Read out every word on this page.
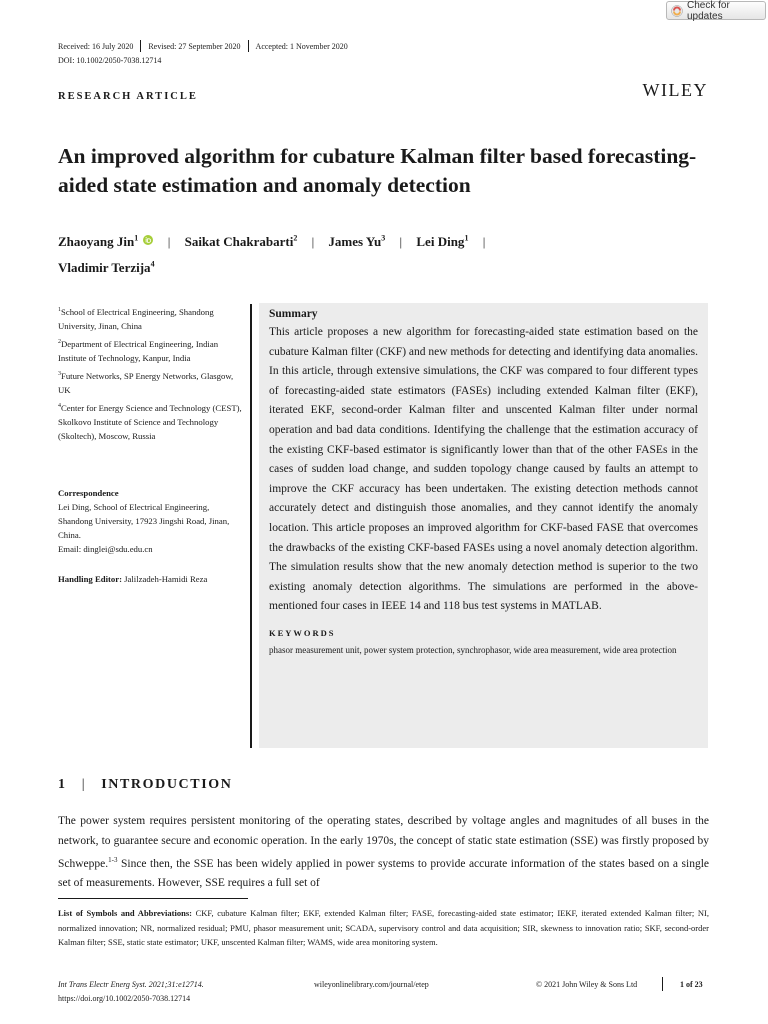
Check for updates
Received: 16 July 2020 Revised: 27 September 2020 Accepted: 1 November 2020
DOI: 10.1002/2050-7038.12714
RESEARCH ARTICLE	WILEY
An improved algorithm for cubature Kalman filter based forecasting-aided state estimation and anomaly detection
Zhaoyang Jin$^1$ | Saikat Chakrabarti$^2$ | James Yu$^3$ | Lei Ding$^1$ |
Vladimir Terzija$^4$

$^1$School of Electrical Engineering, Shandong University, Jinan, China

$^2$Department of Electrical Engineering, Indian Institute of Technology, Kanpur, India

$^3$Future Networks, SP Energy Networks, Glasgow, UK

$^4$Center for Energy Science and Technology (CEST), Skolkovo Institute of Science and Technology (Skoltech), Moscow, Russia

Correspondence
Lei Ding, School of Electrical Engineering, Shandong University, 17923 Jingshi Road, Jinan, China.
Email: dinglei@sdu.edu.cn
Handling Editor: Jalilzadeh-Hamidi Reza
Summary
This article proposes a new algorithm for forecasting-aided state estimation based on the cubature Kalman filter (CKF) and new methods for detecting and identifying data anomalies. In this article, through extensive simulations, the CKF was compared to four different types of forecasting-aided state estimators (FASEs) including extended Kalman filter (EKF), iterated EKF, second-order Kalman filter and unscented Kalman filter under normal operation and bad data conditions. Identifying the challenge that the estimation accuracy of the existing CKF-based estimator is significantly lower than that of the other FASEs in the cases of sudden load change, and sudden topology change caused by faults an attempt to improve the CKF accuracy has been undertaken. The existing detection methods cannot accurately detect and distinguish those anomalies, and they cannot identify the anomaly location. This article proposes an improved algorithm for CKF-based FASE that overcomes the drawbacks of the existing CKF-based FASEs using a novel anomaly detection algorithm. The simulation results show that the new anomaly detection method is superior to the two existing anomaly detection algorithms. The simulations are performed in the above-mentioned four cases in IEEE 14 and 118 bus test systems in MATLAB.
KEYWORDS
phasor measurement unit, power system protection, synchrophasor, wide area measurement, wide area protection
1 | INTRODUCTION
The power system requires persistent monitoring of the operating states, described by voltage angles and magnitudes of all buses in the network, to guarantee secure and economic operation. In the early 1970s, the concept of static state estimation (SSE) was firstly proposed by Schweppe.$^{1-3}$ Since then, the SSE has been widely applied in power systems to provide accurate information of the states based on a single set of measurements. However, SSE requires a full set of
List of Symbols and Abbreviations: CKF, cubature Kalman filter; EKF, extended Kalman filter; FASE, forecasting-aided state estimator; IEKF, iterated extended Kalman filter; NI, normalized innovation; NR, normalized residual; PMU, phasor measurement unit; SCADA, supervisory control and data acquisition; SIR, skewness to innovation ratio; SKF, second-order Kalman filter; SSE, static state estimator; UKF, unscented Kalman filter; WAMS, wide area monitoring system.
Int Trans Electr Energ Syst. 2021;31:e12714.
https://doi.org/10.1002/2050-7038.12714
wileyonlinelibrary.com/journal/etep	© 2021 John Wiley & Sons Ltd	1 of 23
